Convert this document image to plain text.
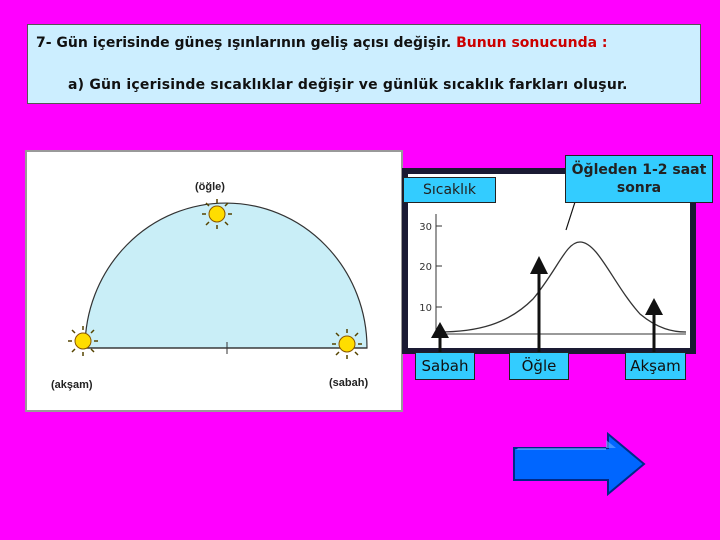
7- Gün içerisinde güneş ışınlarının geliş açısı değişir. Bunun sonucunda :
a) Gün içerisinde sıcaklıklar değişir ve günlük sıcaklık farkları oluşur.
(öğle)
(akşam)	(sabah)
30
20
10
Sıcaklık
Öğleden 1-2 saat sonra
Sabah	Öğle	Akşam
